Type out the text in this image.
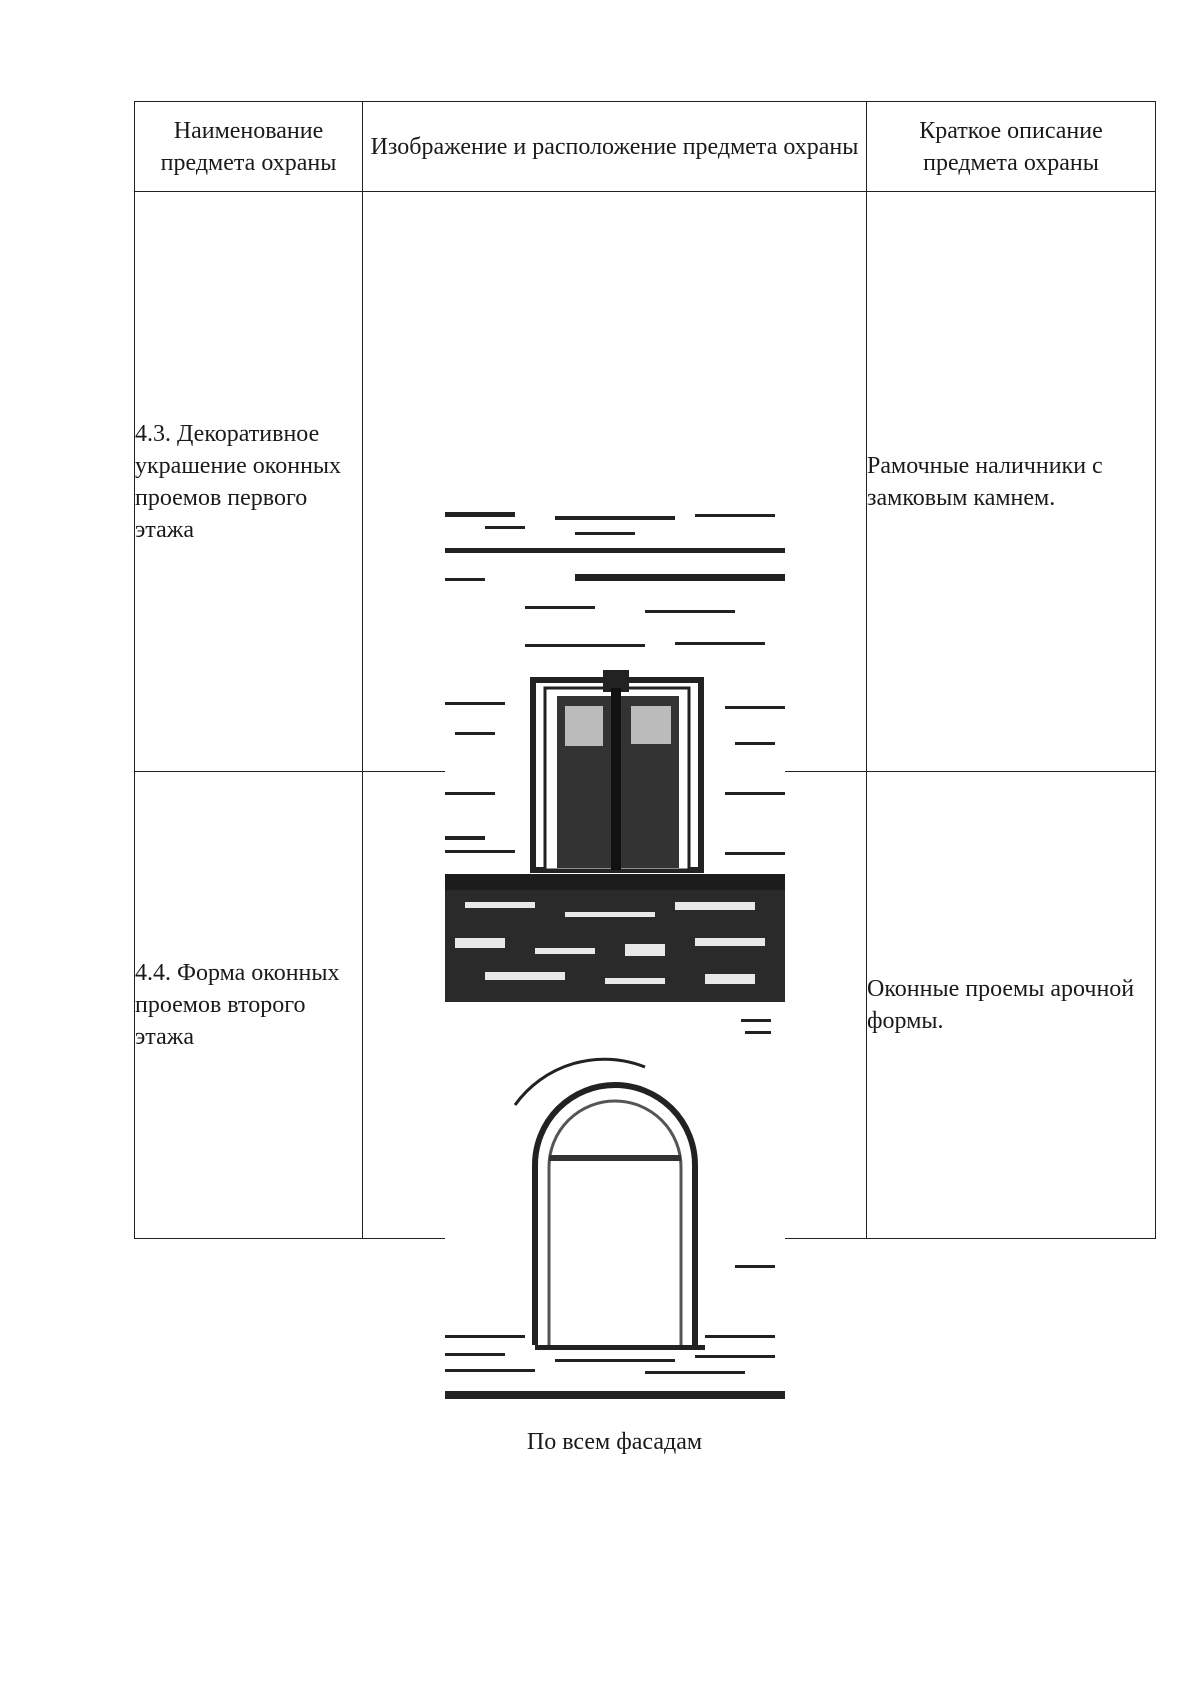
Наименование предмета охраны	Изображение и расположение предмета охраны	Краткое описание предмета охраны

4.3. Декоративное украшение оконных проемов первого этажа		Рамочные наличники с замковым камнем.
4.4. Форма оконных проемов второго этажа	По всем фасадам	Оконные проемы арочной формы.
